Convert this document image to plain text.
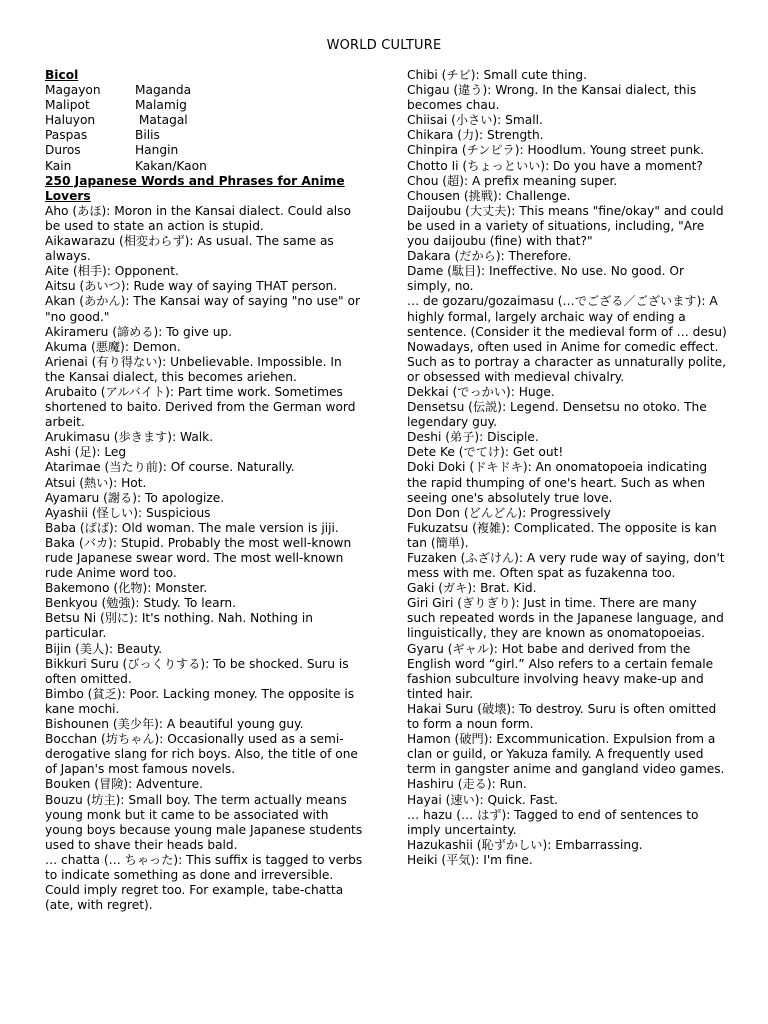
WORLD CULTURE
Bicol
Magayon	Maganda
Malipot	Malamig
Haluyon	Matagal
Paspas	Bilis
Duros	Hangin
Kain	Kakan/Kaon
250 Japanese Words and Phrases for Anime Lovers
Aho (あほ): Moron in the Kansai dialect. Could also be used to state an action is stupid.
Aikawarazu (相変わらず): As usual. The same as always.
Aite (相手): Opponent.
Aitsu (あいつ): Rude way of saying THAT person.
Akan (あかん): The Kansai way of saying "no use" or "no good."
Akirameru (諦める): To give up.
Akuma (悪魔): Demon.
Arienai (有り得ない): Unbelievable. Impossible. In the Kansai dialect, this becomes ariehen.
Arubaito (アルバイト): Part time work. Sometimes shortened to baito. Derived from the German word arbeit.
Arukimasu (歩きます): Walk.
Ashi (足): Leg
Atarimae (当たり前): Of course. Naturally.
Atsui (熱い): Hot.
Ayamaru (謝る): To apologize.
Ayashii (怪しい): Suspicious
Baba (ばば): Old woman. The male version is jiji.
Baka (バカ): Stupid. Probably the most well-known rude Japanese swear word. The most well-known rude Anime word too.
Bakemono (化物): Monster.
Benkyou (勉強): Study. To learn.
Betsu Ni (別に): It's nothing. Nah. Nothing in particular.
Bijin (美人): Beauty.
Bikkuri Suru (びっくりする): To be shocked. Suru is often omitted.
Bimbo (貧乏): Poor. Lacking money. The opposite is kane mochi.
Bishounen (美少年): A beautiful young guy.
Bocchan (坊ちゃん): Occasionally used as a semi-derogative slang for rich boys. Also, the title of one of Japan's most famous novels.
Bouken (冒険): Adventure.
Bouzu (坊主): Small boy. The term actually means young monk but it came to be associated with young boys because young male Japanese students used to shave their heads bald.
… chatta (… ちゃった): This suffix is tagged to verbs to indicate something as done and irreversible. Could imply regret too. For example, tabe-chatta (ate, with regret).
Chibi (チビ): Small cute thing.
Chigau (違う): Wrong. In the Kansai dialect, this becomes chau.
Chiisai (小さい): Small.
Chikara (力): Strength.
Chinpira (チンピラ): Hoodlum. Young street punk.
Chotto Ii (ちょっといい): Do you have a moment?
Chou (超): A prefix meaning super.
Chousen (挑戦): Challenge.
Daijoubu (大丈夫): This means "fine/okay" and could be used in a variety of situations, including, "Are you daijoubu (fine) with that?"
Dakara (だから): Therefore.
Dame (駄目): Ineffective. No use. No good. Or simply, no.
… de gozaru/gozaimasu (…でござる／ございます): A highly formal, largely archaic way of ending a sentence. (Consider it the medieval form of … desu) Nowadays, often used in Anime for comedic effect. Such as to portray a character as unnaturally polite, or obsessed with medieval chivalry.
Dekkai (でっかい): Huge.
Densetsu (伝説): Legend. Densetsu no otoko. The legendary guy.
Deshi (弟子): Disciple.
Dete Ke (でてけ): Get out!
Doki Doki (ドキドキ): An onomatopoeia indicating the rapid thumping of one's heart. Such as when seeing one's absolutely true love.
Don Don (どんどん): Progressively
Fukuzatsu (複雑): Complicated. The opposite is kan tan (簡単).
Fuzaken (ふざけん): A very rude way of saying, don't mess with me. Often spat as fuzakenna too.
Gaki (ガキ): Brat. Kid.
Giri Giri (ぎりぎり): Just in time. There are many such repeated words in the Japanese language, and linguistically, they are known as onomatopoeias.
Gyaru (ギャル): Hot babe and derived from the English word “girl.” Also refers to a certain female fashion subculture involving heavy make-up and tinted hair.
Hakai Suru (破壊): To destroy. Suru is often omitted to form a noun form.
Hamon (破門): Excommunication. Expulsion from a clan or guild, or Yakuza family. A frequently used term in gangster anime and gangland video games.
Hashiru (走る): Run.
Hayai (速い): Quick. Fast.
… hazu (… はず): Tagged to end of sentences to imply uncertainty.
Hazukashii (恥ずかしい): Embarrassing.
Heiki (平気): I'm fine.
